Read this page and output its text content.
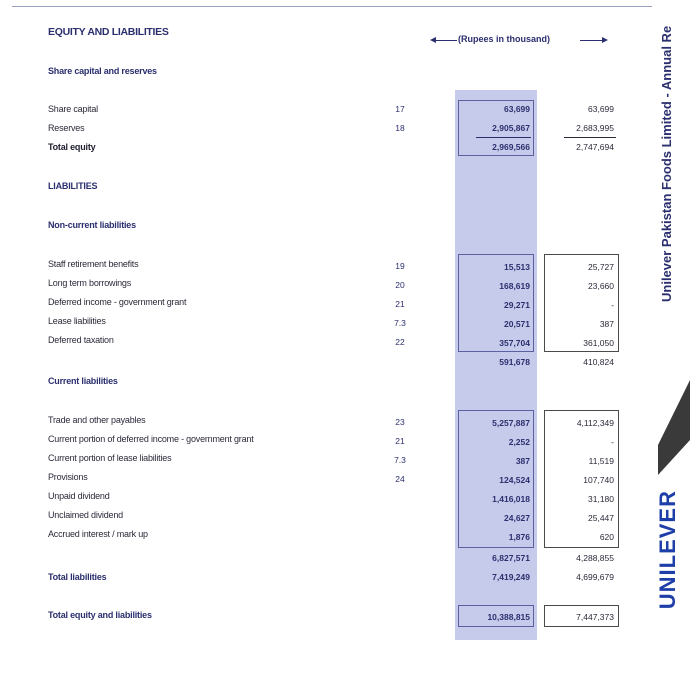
EQUITY AND LIABILITIES
(Rupees in thousand)
Share capital and reserves
LIABILITIES
Non-current liabilities
Current liabilities
Share capital	17	63,699	63,699
Reserves	18	2,905,867	2,683,995
Total equity	2,969,566	2,747,694
Staff retirement benefits	19	15,513	25,727
Long term borrowings	20	168,619	23,660
Deferred income - government grant	21	29,271	-
Lease liabilities	7.3	20,571	387
Deferred taxation	22	357,704	361,050
591,678	410,824
Trade and other payables	23	5,257,887	4,112,349
Current portion of deferred income - government grant	21	2,252	-
Current portion of lease liabilities	7.3	387	11,519
Provisions	24	124,524	107,740
Unpaid dividend	1,416,018	31,180
Unclaimed dividend	24,627	25,447
Accrued interest / mark up	1,876	620
6,827,571	4,288,855
Total liabilities	7,419,249	4,699,679
Total equity and liabilities	10,388,815	7,447,373
Unilever Pakistan Foods Limited - Annual Re
UNILEVER
